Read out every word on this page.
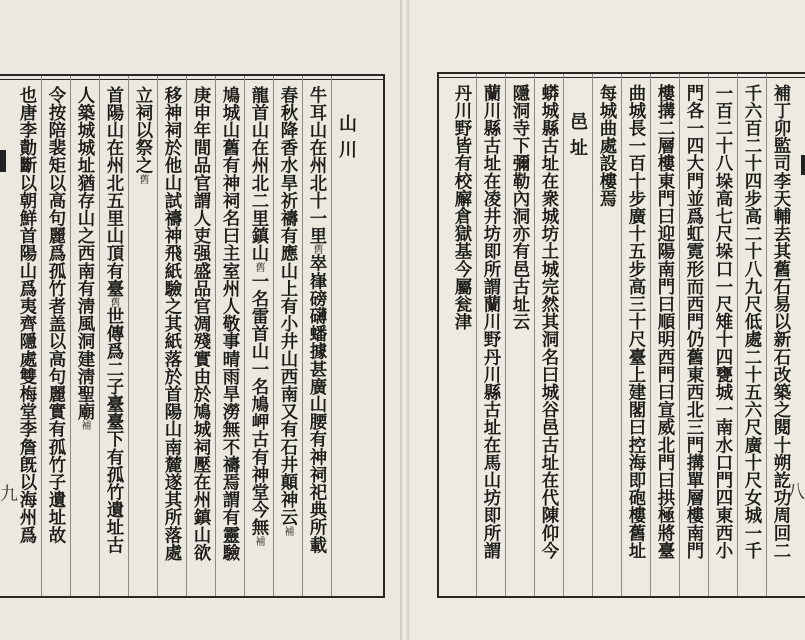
山川
牛耳山在州北十一里舊崒嵂磅礴蟠據甚廣山腰有神祠祀典所載
春秋降香水旱祈禱有應山上有小井山西南又有石井顛神云補
龍首山在州北二里鎮山舊一名雷首山一名鳩岬古有神堂今無補
鳩城山舊有神祠名曰主室州人敬事晴雨旱澇無不禱焉謂有靈驗
庚申年間品官謂人吏强盛品官凋殘實由於鳩城祠壓在州鎮山欲
移神祠於他山試禱神飛紙驗之其紙落於首陽山南麓遂其所落處
立祠以祭之舊
首陽山在州北五里山頂有臺舊世傳爲二子臺臺下有孤竹遺址古
人築城城址猶存山之西南有淸風洞建淸聖廟補
令按陪裴矩以高句麗爲孤竹者盖以高句麗實有孤竹子遺址故
也唐李勣斷以朝鮮首陽山爲夷齊隱處雙梅堂李詹旣以海州爲
九	補丁卯監司李天輔去其舊石易以新石改築之閱十朔訖功周回二
千六百二十四步高二十八九尺低處二十五六尺廣十尺女城一千
一百二十八垛高七尺垛口一尺雉十四甕城一南水口門四東西小
門各一四大門並爲虹霓形而西門仍舊東西北三門搆單層樓南門
樓搆二層樓東門曰迎陽南門曰順明西門曰宣威北門曰拱極將臺
曲城長一百十步廣十五步高三十尺臺上建閣曰控海即砲樓舊址
每城曲處設樓焉
邑址
蟒城縣古址在衆城坊土城完然其洞名曰城谷邑古址在代陳仰今
隱洞寺下彌勒內洞亦有邑古址云
蘭川縣古址在凌井坊即所謂蘭川野丹川縣古址在馬山坊即所謂
丹川野皆有校廨倉獄基今屬瓮津
八
